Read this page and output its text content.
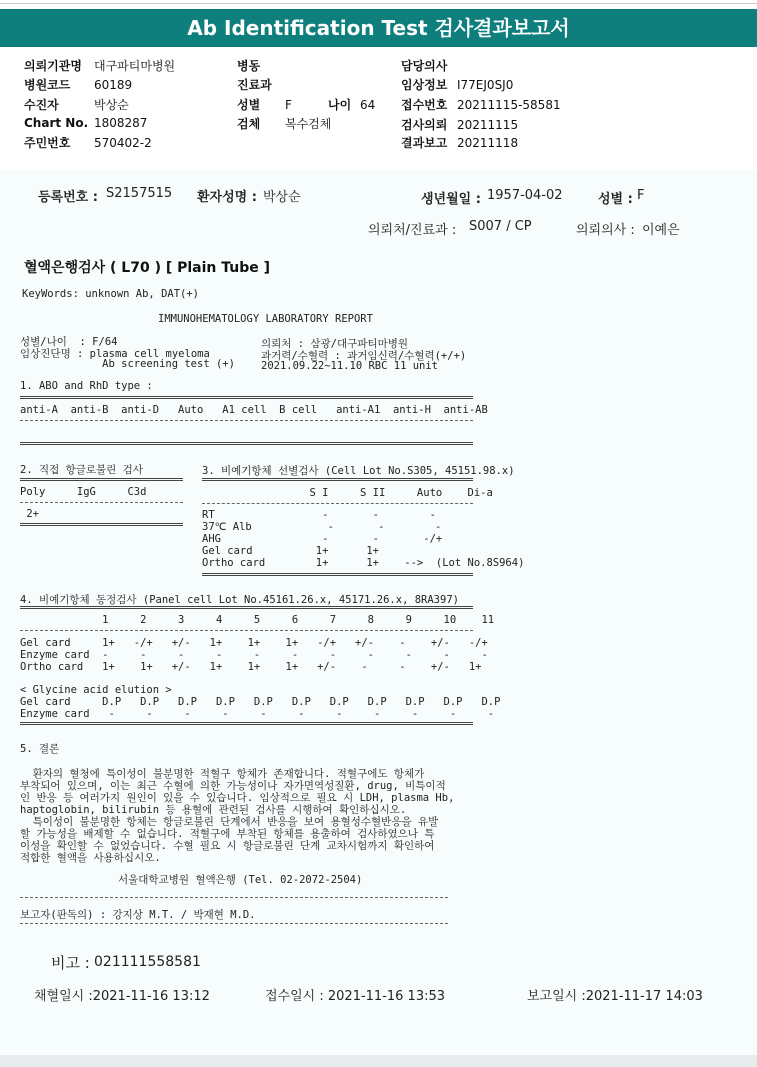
Ab Identification Test 검사결과보고서
의뢰기관명 대구파티마병원
병원코드 60189
수진자	박상순
Chart No. 1808287
주민번호 570402-2
병동
진료과
성별 F	나이 64
검체 복수검체
담당의사
임상정보 I77EJ0SJ0
접수번호 20211115-58581
검사의뢰 20211115
결과보고 20211118
등록번호 : S2157515 환자성명 : 박상순	생년월일 : 1957-04-02	성별 : F
의뢰처/진료과 : S007 / CP	의뢰의사 : 이예은
혈액은행검사 ( L70 ) [ Plain Tube ]
KeyWords: unknown Ab, DAT(+)
IMMUNOHEMATOLOGY LABORATORY REPORT
성별/나이  : F/64
임상진단명 : plasma cell myeloma
Ab screening test (+)
의뢰처 : 삼광/대구파티마병원
과거력/수혈력 : 과거임신력/수혈력(+/+)
2021.09.22~11.10 RBC 11 unit
1. ABO and RhD type :
anti-A  anti-B  anti-D   Auto   A1 cell  B cell   anti-A1  anti-H  anti-AB
2. 직접 항글로불린 검사
Poly     IgG     C3d
2+
3. 비예기항체 선별검사 (Cell Lot No.S305, 45151.98.x)
S I     S II     Auto    Di-a
RT                 -       -        -
37℃ Alb            -       -        -
AHG                -       -       -/+
Gel card          1+      1+
Ortho card        1+      1+    -->  (Lot No.8S964)
4. 비예기항체 동정검사 (Panel cell Lot No.45161.26.x, 45171.26.x, 8RA397)
1     2     3     4     5     6     7     8     9     10    11
Gel card     1+   -/+   +/-   1+    1+    1+   -/+   +/-    -    +/-   -/+
Enzyme card  -     -     -     -     -     -     -     -     -     -     -
Ortho card   1+    1+   +/-   1+    1+    1+   +/-    -     -    +/-   1+
< Glycine acid elution >
Gel card     D.P   D.P   D.P   D.P   D.P   D.P   D.P   D.P   D.P   D.P   D.P
Enzyme card   -     -     -     -     -     -     -     -     -     -     -
5. 결론
환자의 혈청에 특이성이 불분명한 적혈구 항체가 존재합니다. 적혈구에도 항체가
부착되어 있으며, 이는 최근 수혈에 의한 가능성이나 자가면역성질환, drug, 비특이적
인 반응 등 여러가지 원인이 있을 수 있습니다. 임상적으로 필요 시 LDH, plasma Hb,
haptoglobin, bilirubin 등 용혈에 관련된 검사를 시행하여 확인하십시오.
특이성이 불분명한 항체는 항글로불린 단계에서 반응을 보여 용혈성수혈반응을 유발
할 가능성을 배제할 수 없습니다. 적혈구에 부착된 항체를 용출하여 검사하였으나 특
이성을 확인할 수 없었습니다. 수혈 필요 시 항글로불린 단계 교차시험까지 확인하여
적합한 혈액을 사용하십시오.
서울대학교병원 혈액은행 (Tel. 02-2072-2504)
보고자(판독의) : 강지상 M.T. / 박재현 M.D.
비고 : 021111558581
채혈일시 :2021-11-16 13:12	접수일시 : 2021-11-16 13:53	보고일시 :2021-11-17 14:03
